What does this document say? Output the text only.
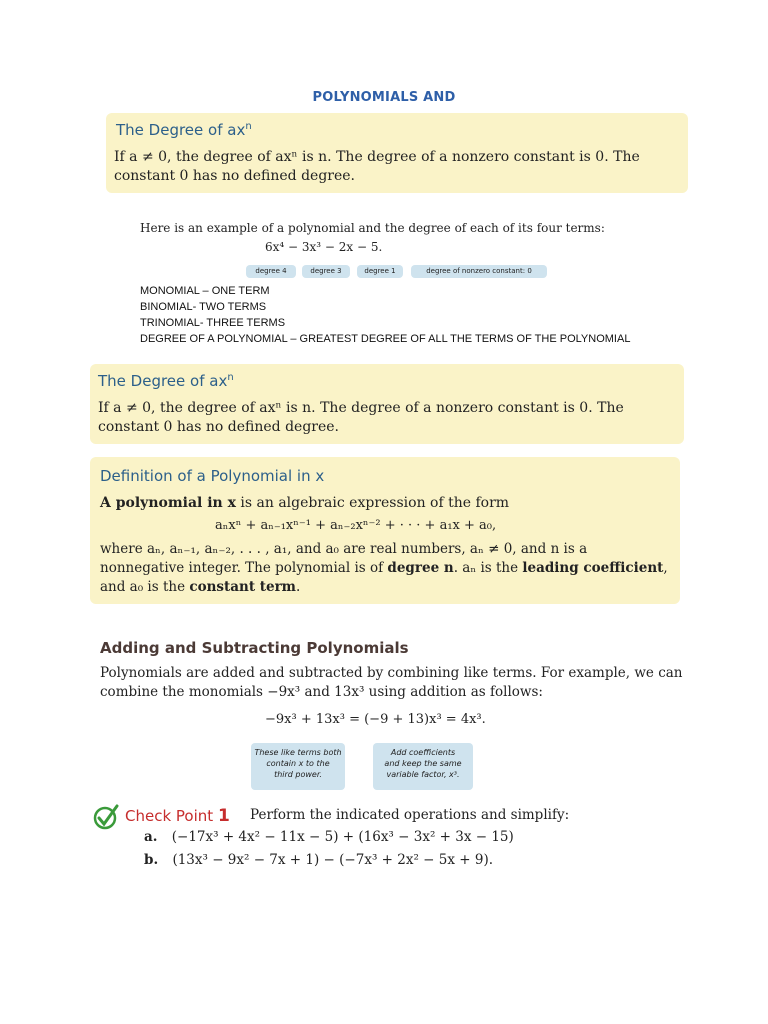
POLYNOMIALS AND
The Degree of $ax^n$
If a ≠ 0, the degree of axⁿ is n. The degree of a nonzero constant is 0. The
constant 0 has no defined degree.
Here is an example of a polynomial and the degree of each of its four terms:
6x⁴ − 3x³ − 2x − 5.
degree 4	degree 3	degree 1	degree of nonzero constant: 0
MONOMIAL – ONE TERM
BINOMIAL- TWO TERMS
TRINOMIAL- THREE TERMS
DEGREE OF A POLYNOMIAL – GREATEST DEGREE OF ALL THE TERMS OF THE POLYNOMIAL
The Degree of $ax^n$
If a ≠ 0, the degree of axⁿ is n. The degree of a nonzero constant is 0. The
constant 0 has no defined degree.
Definition of a Polynomial in x
A polynomial in x is an algebraic expression of the form
aₙxⁿ + aₙ₋₁xⁿ⁻¹ + aₙ₋₂xⁿ⁻² + · · · + a₁x + a₀,
where aₙ, aₙ₋₁, aₙ₋₂, . . . , a₁, and a₀ are real numbers, aₙ ≠ 0, and n is a
nonnegative integer. The polynomial is of degree n. aₙ is the leading coefficient,
and a₀ is the constant term.
Adding and Subtracting Polynomials
Polynomials are added and subtracted by combining like terms. For example, we can
combine the monomials −9x³ and 13x³ using addition as follows:
−9x³ + 13x³ = (−9 + 13)x³ = 4x³.
These like terms both
contain x to the
third power.
Add coefficients
and keep the same
variable factor, x³.
Check Point 1 Perform the indicated operations and simplify:
a. (−17x³ + 4x² − 11x − 5) + (16x³ − 3x² + 3x − 15)
b. (13x³ − 9x² − 7x + 1) − (−7x³ + 2x² − 5x + 9).
